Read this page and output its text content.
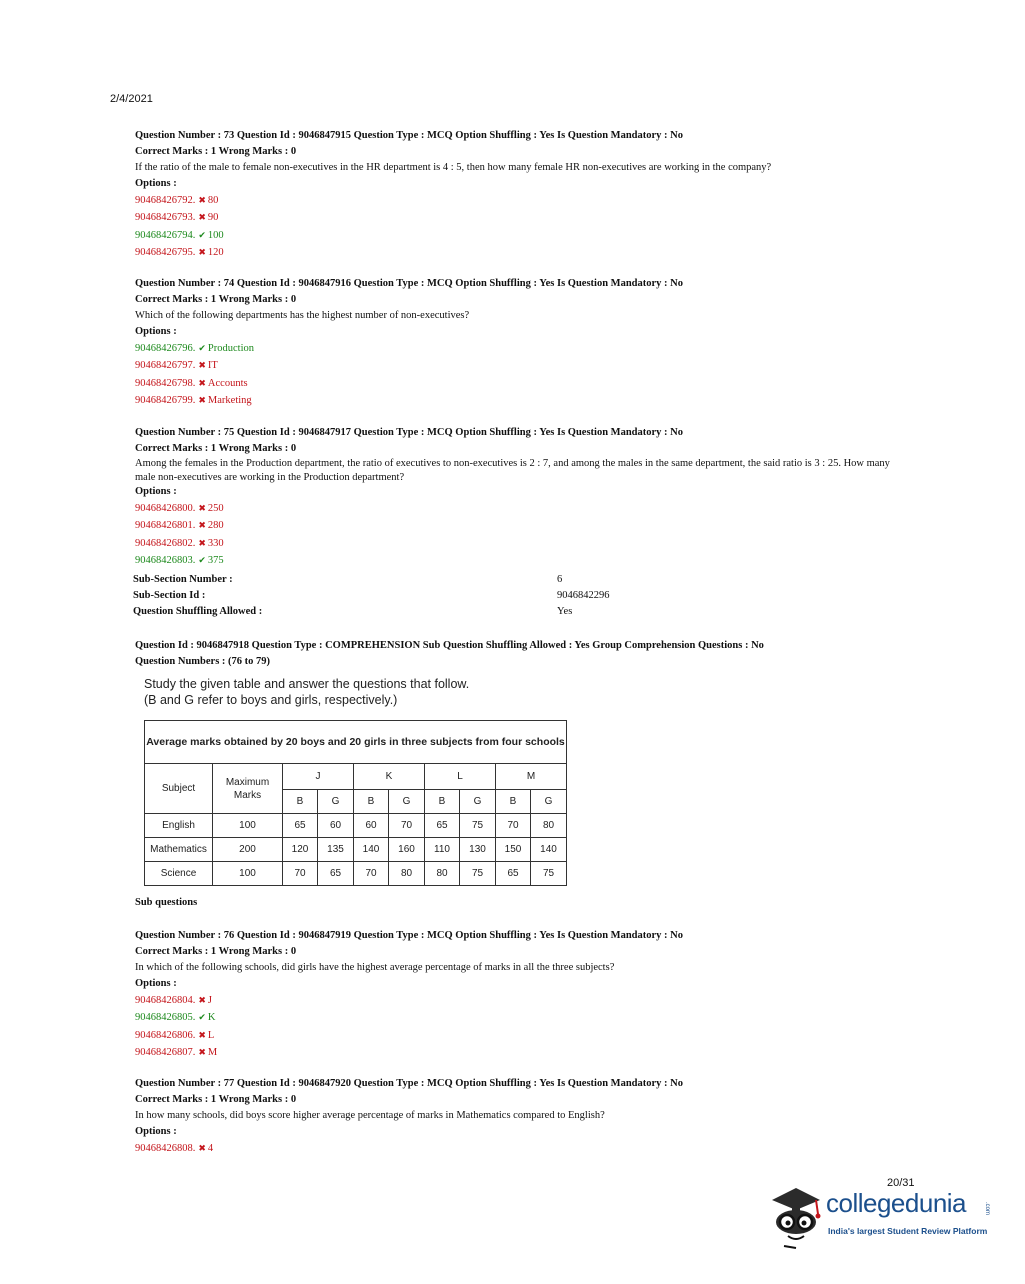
2/4/2021
Question Number : 73 Question Id : 9046847915 Question Type : MCQ Option Shuffling : Yes Is Question Mandatory : No
Correct Marks : 1 Wrong Marks : 0
If the ratio of the male to female non-executives in the HR department is 4 : 5, then how many female HR non-executives are working in the company?
Options :
90468426792. ✖ 80
90468426793. ✖ 90
90468426794. ✔ 100
90468426795. ✖ 120
Question Number : 74 Question Id : 9046847916 Question Type : MCQ Option Shuffling : Yes Is Question Mandatory : No
Correct Marks : 1 Wrong Marks : 0
Which of the following departments has the highest number of non-executives?
Options :
90468426796. ✔ Production
90468426797. ✖ IT
90468426798. ✖ Accounts
90468426799. ✖ Marketing
Question Number : 75 Question Id : 9046847917 Question Type : MCQ Option Shuffling : Yes Is Question Mandatory : No
Correct Marks : 1 Wrong Marks : 0
Among the females in the Production department, the ratio of executives to non-executives is 2 : 7, and among the males in the same department, the said ratio is 3 : 25. How many male non-executives are working in the Production department?
Options :
90468426800. ✖ 250
90468426801. ✖ 280
90468426802. ✖ 330
90468426803. ✔ 375
Sub-Section Number :	6
Sub-Section Id :	9046842296
Question Shuffling Allowed :	Yes
Question Id : 9046847918 Question Type : COMPREHENSION Sub Question Shuffling Allowed : Yes Group Comprehension Questions : No
Question Numbers : (76 to 79)
Study the given table and answer the questions that follow.
(B and G refer to boys and girls, respectively.)
Average marks obtained by 20 boys and 20 girls in three subjects from four schools									
Subject	Maximum Marks	J		K		L		M	
		B	G	B	G	B	G	B	G
English	100	65	60	60	70	65	75	70	80
Mathematics	200	120	135	140	160	110	130	150	140
Science	100	70	65	70	80	80	75	65	75
Sub questions
Question Number : 76 Question Id : 9046847919 Question Type : MCQ Option Shuffling : Yes Is Question Mandatory : No
Correct Marks : 1 Wrong Marks : 0
In which of the following schools, did girls have the highest average percentage of marks in all the three subjects?
Options :
90468426804. ✖ J
90468426805. ✔ K
90468426806. ✖ L
90468426807. ✖ M
Question Number : 77 Question Id : 9046847920 Question Type : MCQ Option Shuffling : Yes Is Question Mandatory : No
Correct Marks : 1 Wrong Marks : 0
In how many schools, did boys score higher average percentage of marks in Mathematics compared to English?
Options :
90468426808. ✖ 4
20/31
collegedunia	.com
India's largest Student Review Platform
